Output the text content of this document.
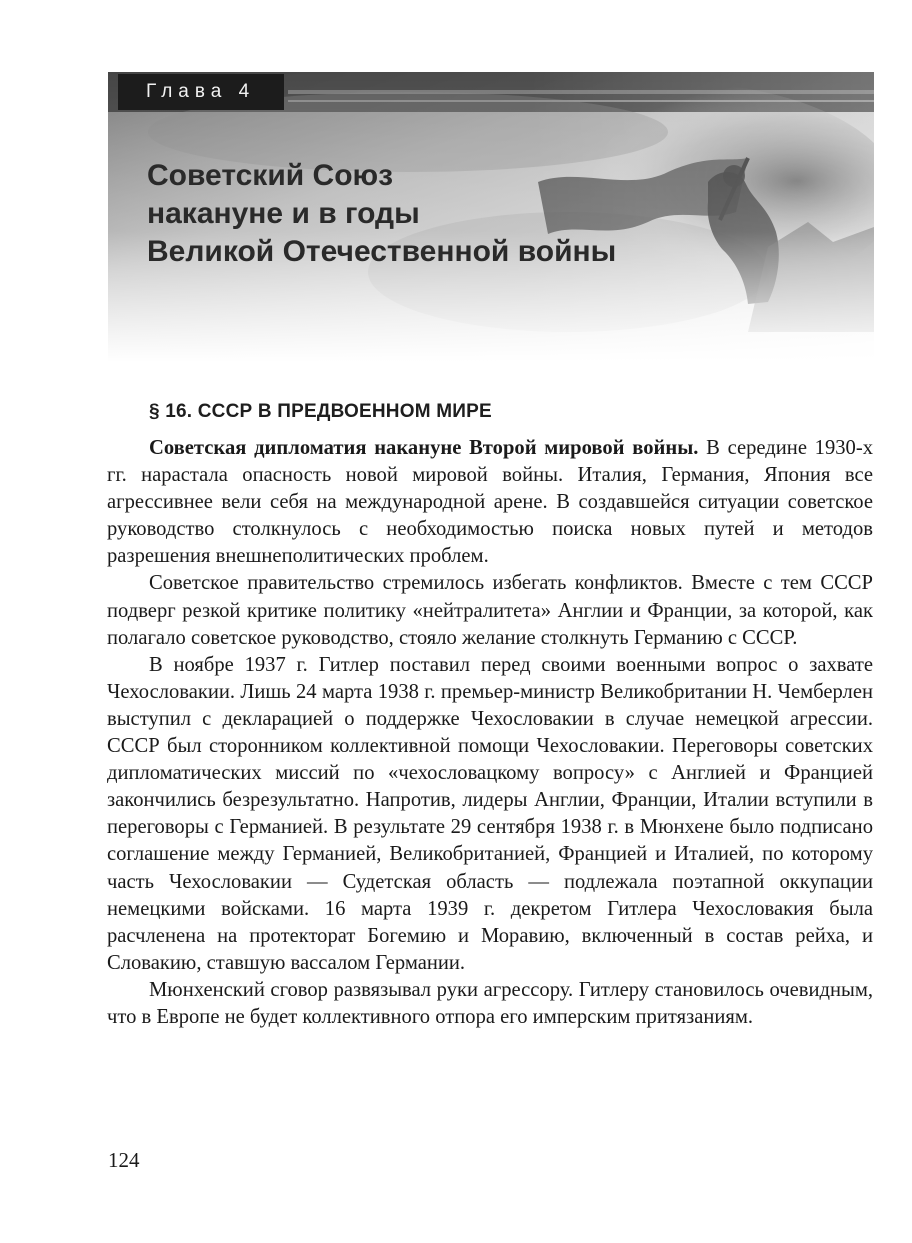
Глава 4
Советский Союз
накануне и в годы
Великой Отечественной войны
§ 16. СССР В ПРЕДВОЕННОМ МИРЕ

Советская дипломатия накануне Второй мировой войны. В середине 1930-х гг. нарастала опасность новой мировой войны. Италия, Германия, Япония все агрессивнее вели себя на международной арене. В создавшейся ситуации советское руководство столкнулось с необходимостью поиска новых путей и методов разрешения внешнеполитических проблем.

Советское правительство стремилось избегать конфликтов. Вместе с тем СССР подверг резкой критике политику «нейтралитета» Англии и Франции, за которой, как полагало советское руководство, стояло желание столкнуть Германию с СССР.

В ноябре 1937 г. Гитлер поставил перед своими военными вопрос о захвате Чехословакии. Лишь 24 марта 1938 г. премьер-министр Великобритании Н. Чемберлен выступил с декларацией о поддержке Чехословакии в случае немецкой агрессии. СССР был сторонником коллективной помощи Чехословакии. Переговоры советских дипломатических миссий по «чехословацкому вопросу» с Англией и Францией закончились безрезультатно. Напротив, лидеры Англии, Франции, Италии вступили в переговоры с Германией. В результате 29 сентября 1938 г. в Мюнхене было подписано соглашение между Германией, Великобританией, Францией и Италией, по которому часть Чехословакии — Судетская область — подлежала поэтапной оккупации немецкими войсками. 16 марта 1939 г. декретом Гитлера Чехословакия была расчленена на протекторат Богемию и Моравию, включенный в состав рейха, и Словакию, ставшую вассалом Германии.

Мюнхенский сговор развязывал руки агрессору. Гитлеру становилось очевидным, что в Европе не будет коллективного отпора его имперским притязаниям.

124
